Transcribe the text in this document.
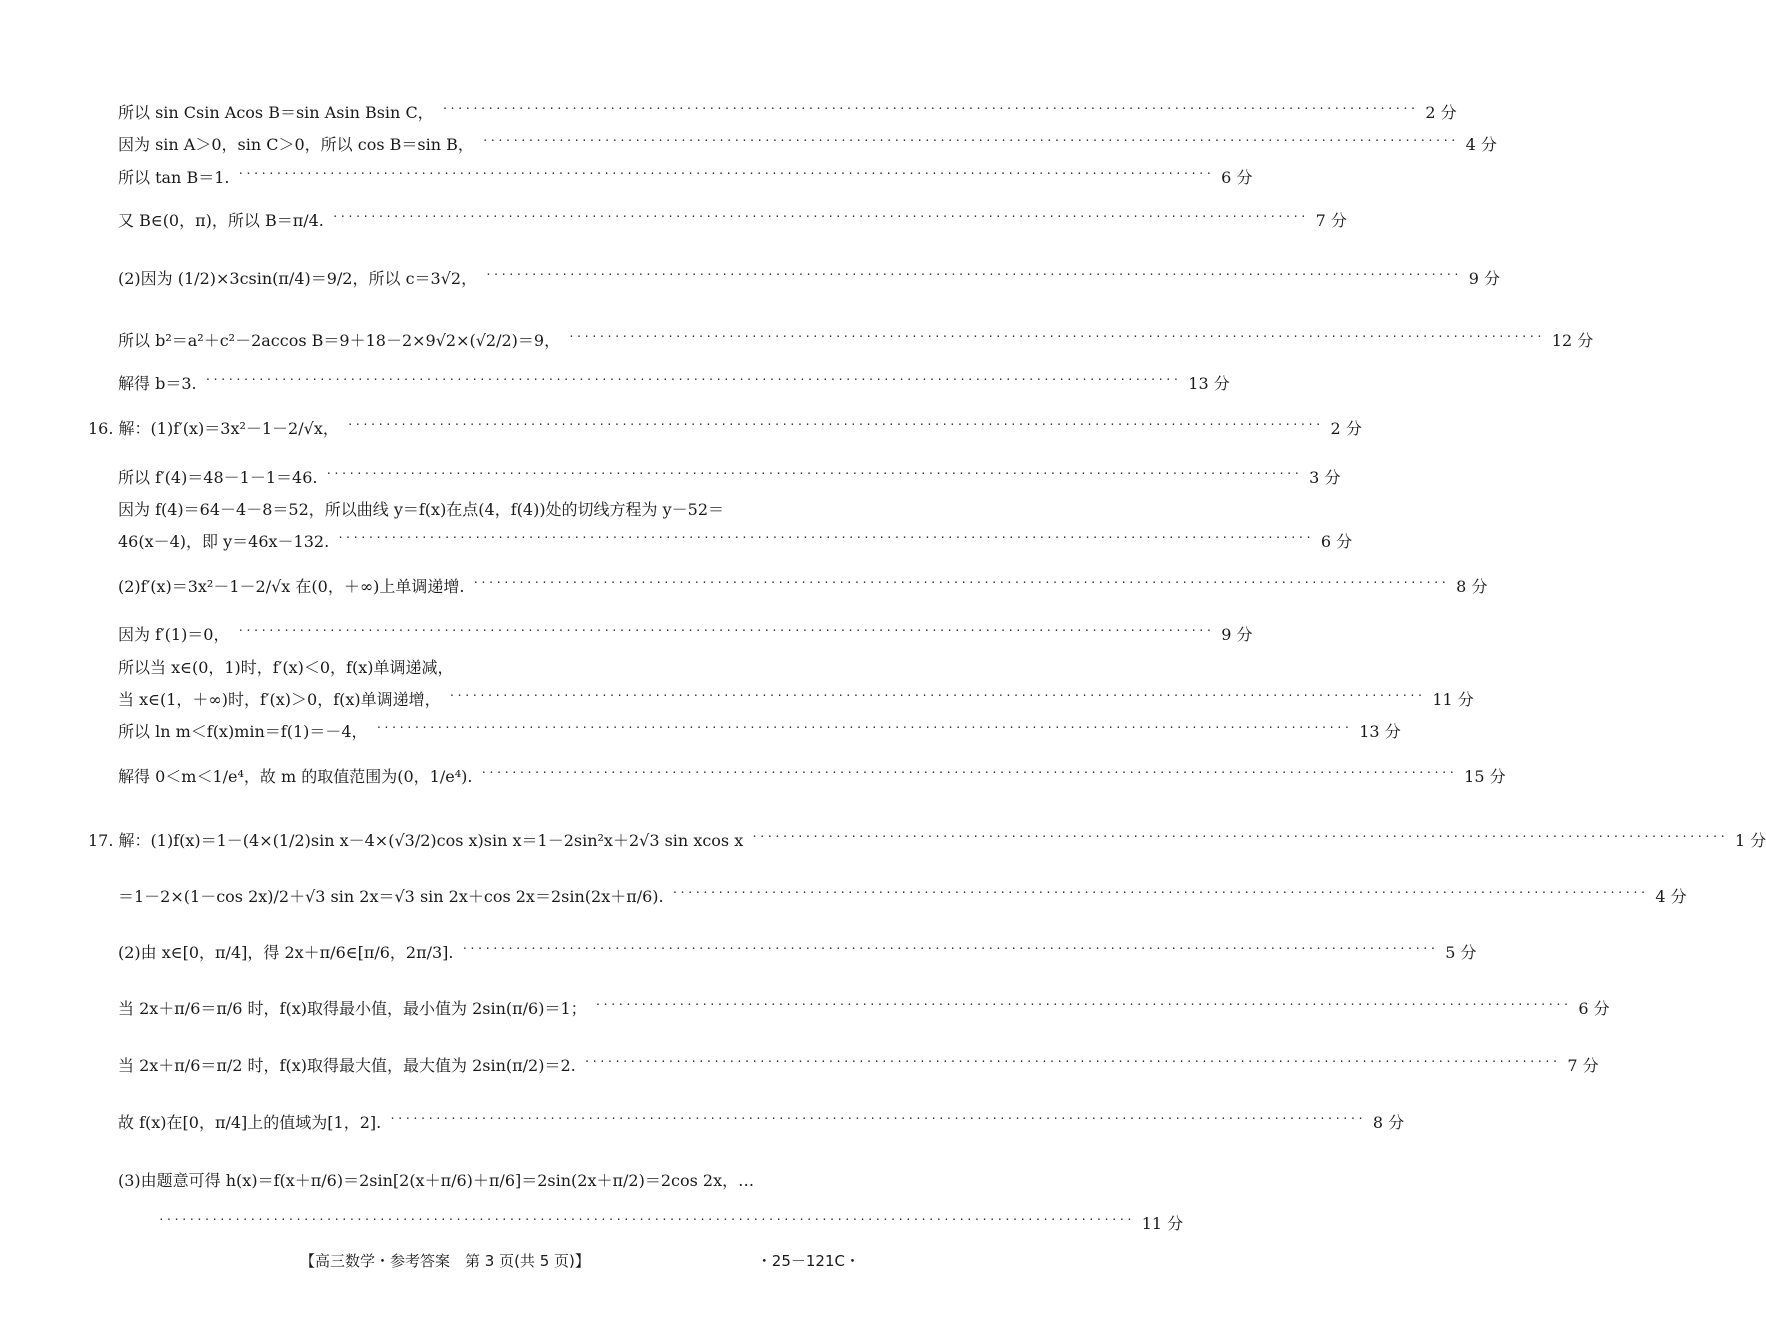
所以 sin Csin Acos B＝sin Asin Bsin C， ································································································································ 2 分
因为 sin A＞0，sin C＞0，所以 cos B＝sin B， ································································································································ 4 分
所以 tan B＝1. ································································································································ 6 分
又 B∈(0，π)，所以 B＝π/4. ································································································································ 7 分
(2)因为 (1/2)×3csin(π/4)＝9/2，所以 c＝3√2， ································································································································ 9 分
所以 b²＝a²＋c²－2accos B＝9＋18－2×9√2×(√2/2)＝9， ································································································································ 12 分
解得 b＝3. ································································································································ 13 分
16. 解：(1)f′(x)＝3x²－1－2/√x， ································································································································ 2 分
所以 f′(4)＝48－1－1＝46. ································································································································ 3 分
因为 f(4)＝64－4－8＝52，所以曲线 y＝f(x)在点(4，f(4))处的切线方程为 y－52＝
46(x－4)，即 y＝46x－132. ································································································································ 6 分
(2)f′(x)＝3x²－1－2/√x 在(0，＋∞)上单调递增. ································································································································ 8 分
因为 f′(1)＝0， ································································································································ 9 分
所以当 x∈(0，1)时，f′(x)＜0，f(x)单调递减，
当 x∈(1，＋∞)时，f′(x)＞0，f(x)单调递增， ································································································································ 11 分
所以 ln m＜f(x)min＝f(1)＝－4， ································································································································ 13 分
解得 0＜m＜1/e⁴，故 m 的取值范围为(0，1/e⁴). ································································································································ 15 分
17. 解：(1)f(x)＝1－(4×(1/2)sin x－4×(√3/2)cos x)sin x＝1－2sin²x＋2√3 sin xcos x ································································································································ 1 分
＝1－2×(1－cos 2x)/2＋√3 sin 2x＝√3 sin 2x＋cos 2x＝2sin(2x＋π/6). ································································································································ 4 分
(2)由 x∈[0，π/4]，得 2x＋π/6∈[π/6，2π/3]. ································································································································ 5 分
当 2x＋π/6＝π/6 时，f(x)取得最小值，最小值为 2sin(π/6)＝1； ································································································································ 6 分
当 2x＋π/6＝π/2 时，f(x)取得最大值，最大值为 2sin(π/2)＝2. ································································································································ 7 分
故 f(x)在[0，π/4]上的值域为[1，2]. ································································································································ 8 分
(3)由题意可得 h(x)＝f(x＋π/6)＝2sin[2(x＋π/6)＋π/6]＝2sin(2x＋π/2)＝2cos 2x，…
································································································································ 11 分
【高三数学・参考答案　第 3 页(共 5 页)】	・25－121C・
